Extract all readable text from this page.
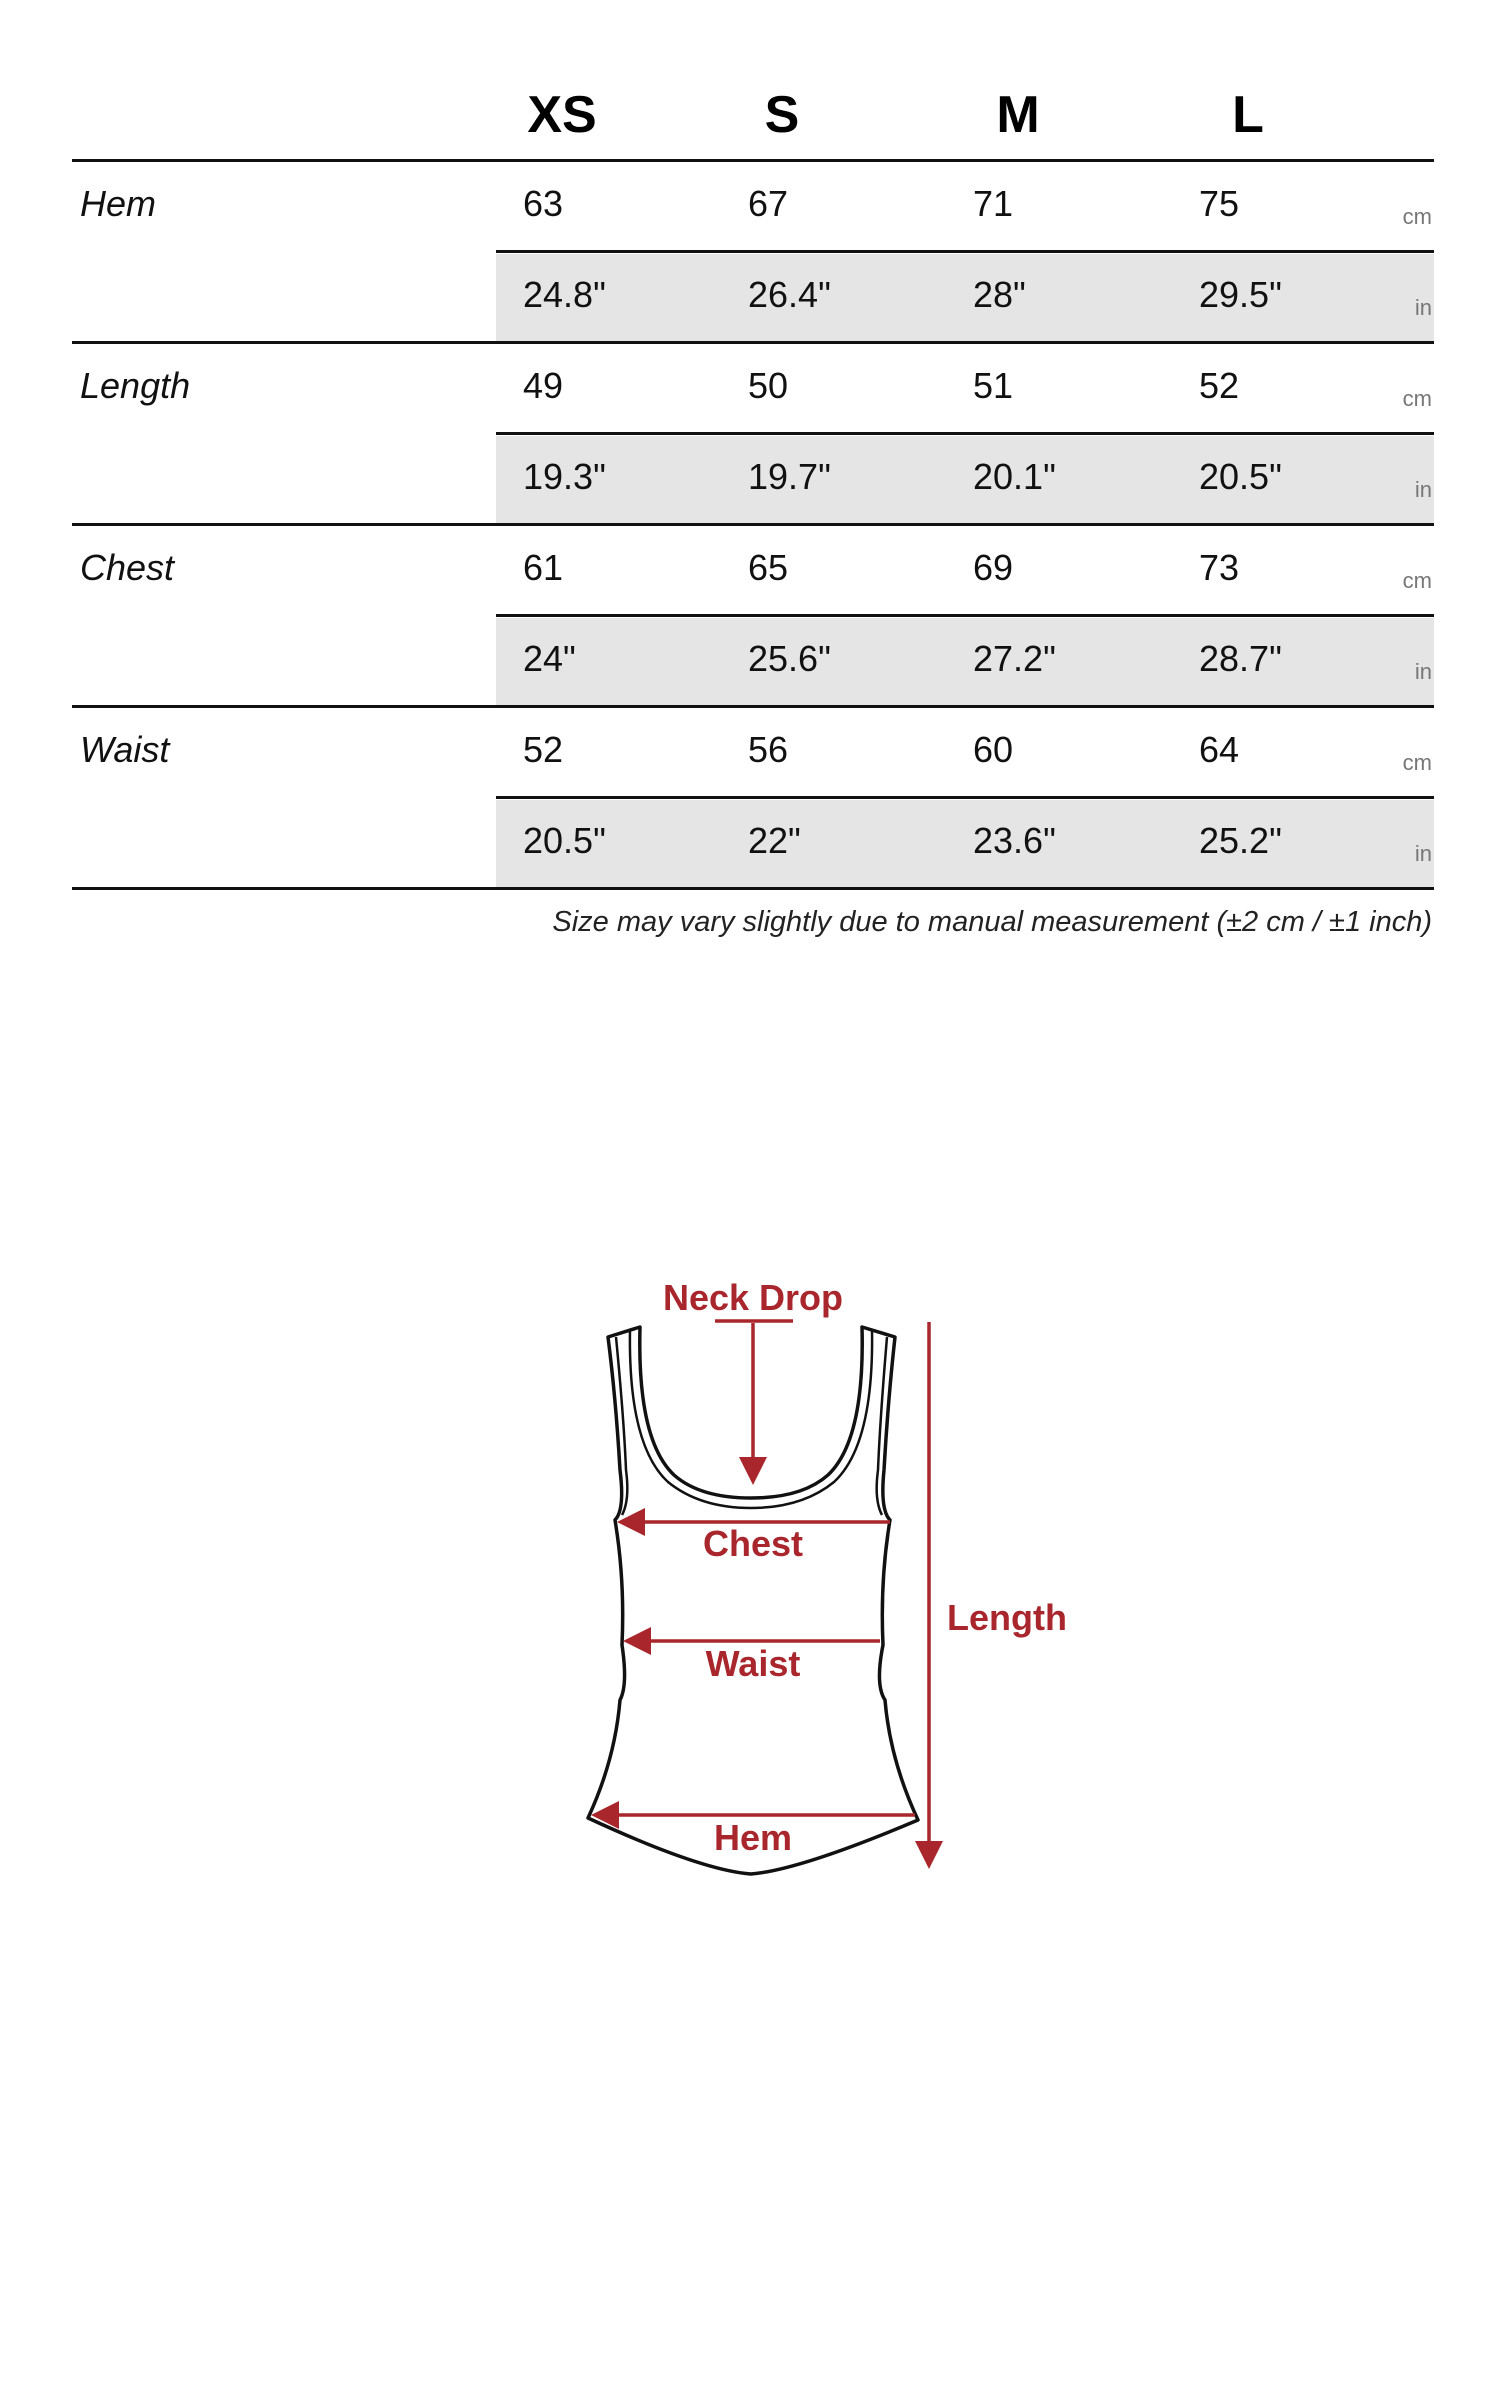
XS	S	M	L
Hem	63	67	71	75	cm
24.8"	26.4"	28"	29.5"	in
Length	49	50	51	52	cm
19.3"	19.7"	20.1"	20.5"	in
Chest	61	65	69	73	cm
24"	25.6"	27.2"	28.7"	in
Waist	52	56	60	64	cm
20.5"	22"	23.6"	25.2"	in
Size may vary slightly due to manual measurement (±2 cm / ±1 inch)
Neck Drop
Chest
Waist
Hem
Length
